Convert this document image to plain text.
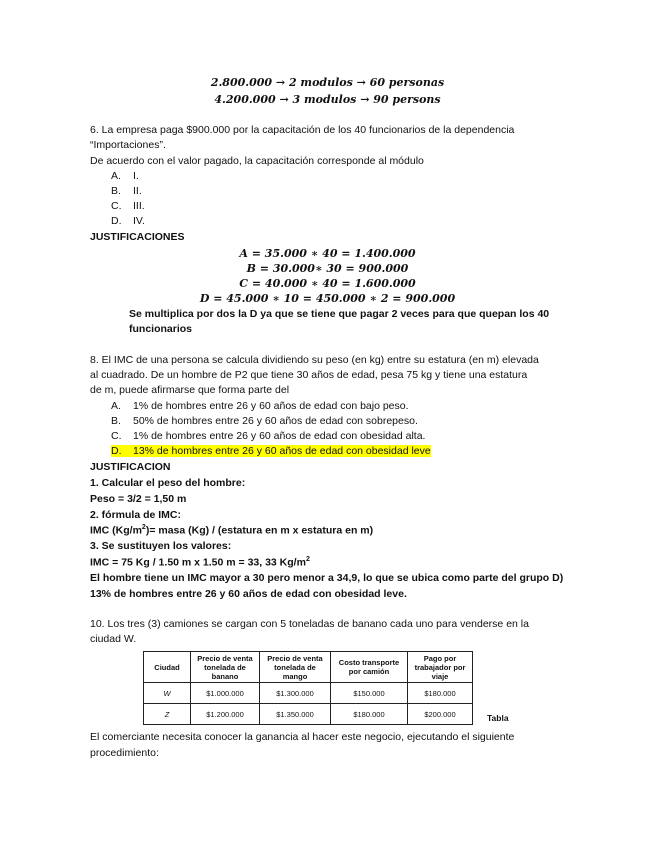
2.800.000 → 2 modulos → 60 personas
4.200.000 → 3 modulos → 90 persons
6. La empresa paga $900.000 por la capacitación de los 40 funcionarios de la dependencia
“Importaciones”.
De acuerdo con el valor pagado, la capacitación corresponde al módulo
A. I.
B. II.
C. III.
D. IV.
JUSTIFICACIONES
A = 35.000 ∗ 40 = 1.400.000
B = 30.000∗ 30 = 900.000
C = 40.000 ∗ 40 = 1.600.000
D = 45.000 ∗ 10 = 450.000 ∗ 2 = 900.000
Se multiplica por dos la D ya que se tiene que pagar 2 veces para que quepan los 40
funcionarios
8. El IMC de una persona se calcula dividiendo su peso (en kg) entre su estatura (en m) elevada
al cuadrado. De un hombre de P2 que tiene 30 años de edad, pesa 75 kg y tiene una estatura
de m, puede afirmarse que forma parte del
A. 1% de hombres entre 26 y 60 años de edad con bajo peso.
B. 50% de hombres entre 26 y 60 años de edad con sobrepeso.
C. 1% de hombres entre 26 y 60 años de edad con obesidad alta.
D. 13% de hombres entre 26 y 60 años de edad con obesidad leve
JUSTIFICACION
1. Calcular el peso del hombre:
Peso = 3/2 = 1,50 m
2. fórmula de IMC:
IMC $(Kg/m^2)=$ masa (Kg) / (estatura en m x estatura en m)
3. Se sustituyen los valores:
IMC = 75 Kg / 1.50 m x 1.50 m = 33, 33 $Kg/m^2$
El hombre tiene un IMC mayor a 30 pero menor a 34,9, lo que se ubica como parte del grupo D)
13% de hombres entre 26 y 60 años de edad con obesidad leve.
10. Los tres (3) camiones se cargan con 5 toneladas de banano cada uno para venderse en la
ciudad W.
Ciudad	Precio de venta tonelada de banano	Precio de venta tonelada de mango	Costo transporte por camión	Pago por trabajador por viaje
W	$1.000.000	$1.300.000	$150.000	$180.000
Z	$1.200.000	$1.350.000	$180.000	$200.000	Tabla
El comerciante necesita conocer la ganancia al hacer este negocio, ejecutando el siguiente
procedimiento:
